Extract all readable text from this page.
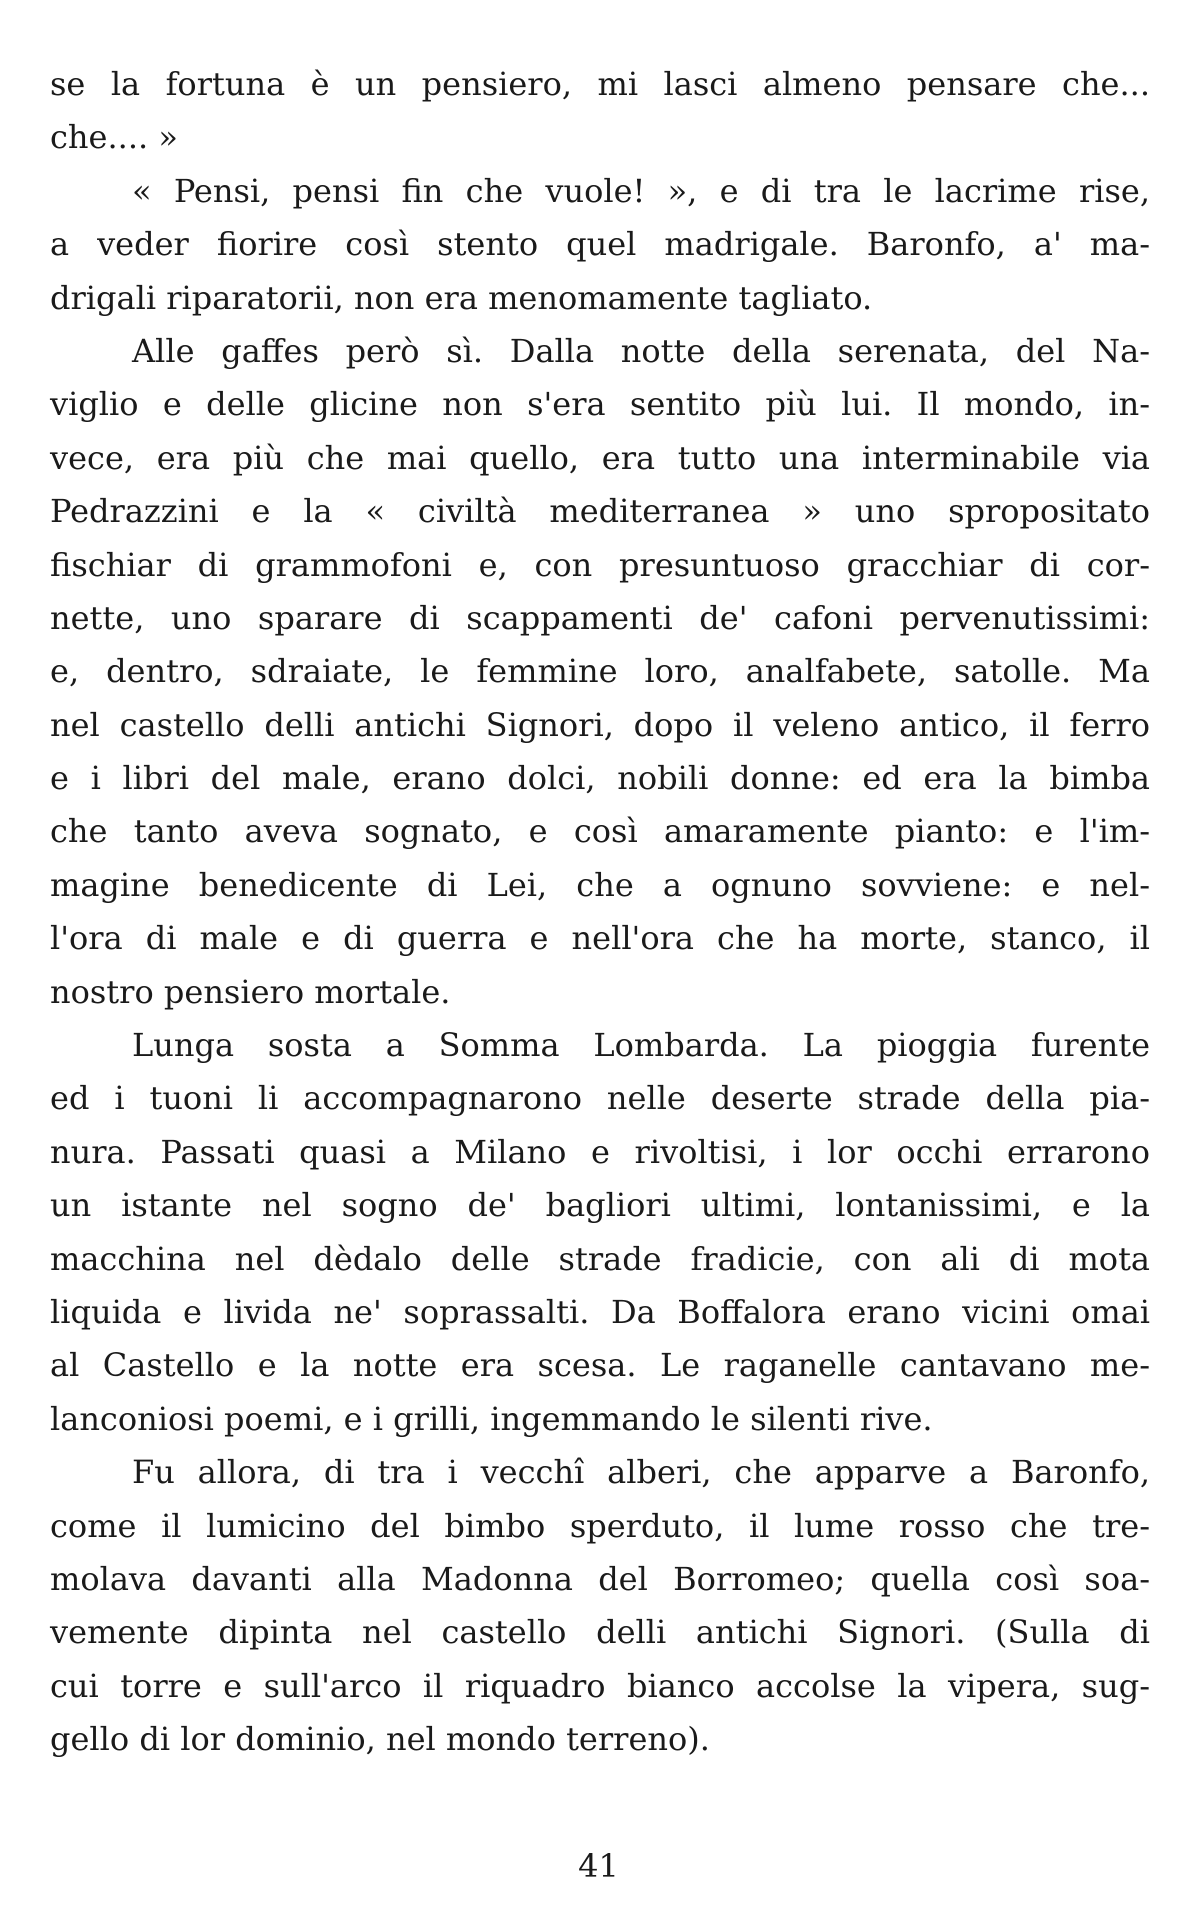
se la fortuna è un pensiero, mi lasci almeno pensare che...
che.... »
« Pensi, pensi fin che vuole! », e di tra le lacrime rise,
a veder fiorire così stento quel madrigale. Baronfo, a' ma-
drigali riparatorii, non era menomamente tagliato.
Alle gaffes però sì. Dalla notte della serenata, del Na-
viglio e delle glicine non s'era sentito più lui. Il mondo, in-
vece, era più che mai quello, era tutto una interminabile via
Pedrazzini e la « civiltà mediterranea » uno spropositato
fischiar di grammofoni e, con presuntuoso gracchiar di cor-
nette, uno sparare di scappamenti de' cafoni pervenutissimi:
e, dentro, sdraiate, le femmine loro, analfabete, satolle. Ma
nel castello delli antichi Signori, dopo il veleno antico, il ferro
e i libri del male, erano dolci, nobili donne: ed era la bimba
che tanto aveva sognato, e così amaramente pianto: e l'im-
magine benedicente di Lei, che a ognuno sovviene: e nel-
l'ora di male e di guerra e nell'ora che ha morte, stanco, il
nostro pensiero mortale.
Lunga sosta a Somma Lombarda. La pioggia furente
ed i tuoni li accompagnarono nelle deserte strade della pia-
nura. Passati quasi a Milano e rivoltisi, i lor occhi errarono
un istante nel sogno de' bagliori ultimi, lontanissimi, e la
macchina nel dèdalo delle strade fradicie, con ali di mota
liquida e livida ne' soprassalti. Da Boffalora erano vicini omai
al Castello e la notte era scesa. Le raganelle cantavano me-
lanconiosi poemi, e i grilli, ingemmando le silenti rive.
Fu allora, di tra i vecchî alberi, che apparve a Baronfo,
come il lumicino del bimbo sperduto, il lume rosso che tre-
molava davanti alla Madonna del Borromeo; quella così soa-
vemente dipinta nel castello delli antichi Signori. (Sulla di
cui torre e sull'arco il riquadro bianco accolse la vipera, sug-
gello di lor dominio, nel mondo terreno).
41
